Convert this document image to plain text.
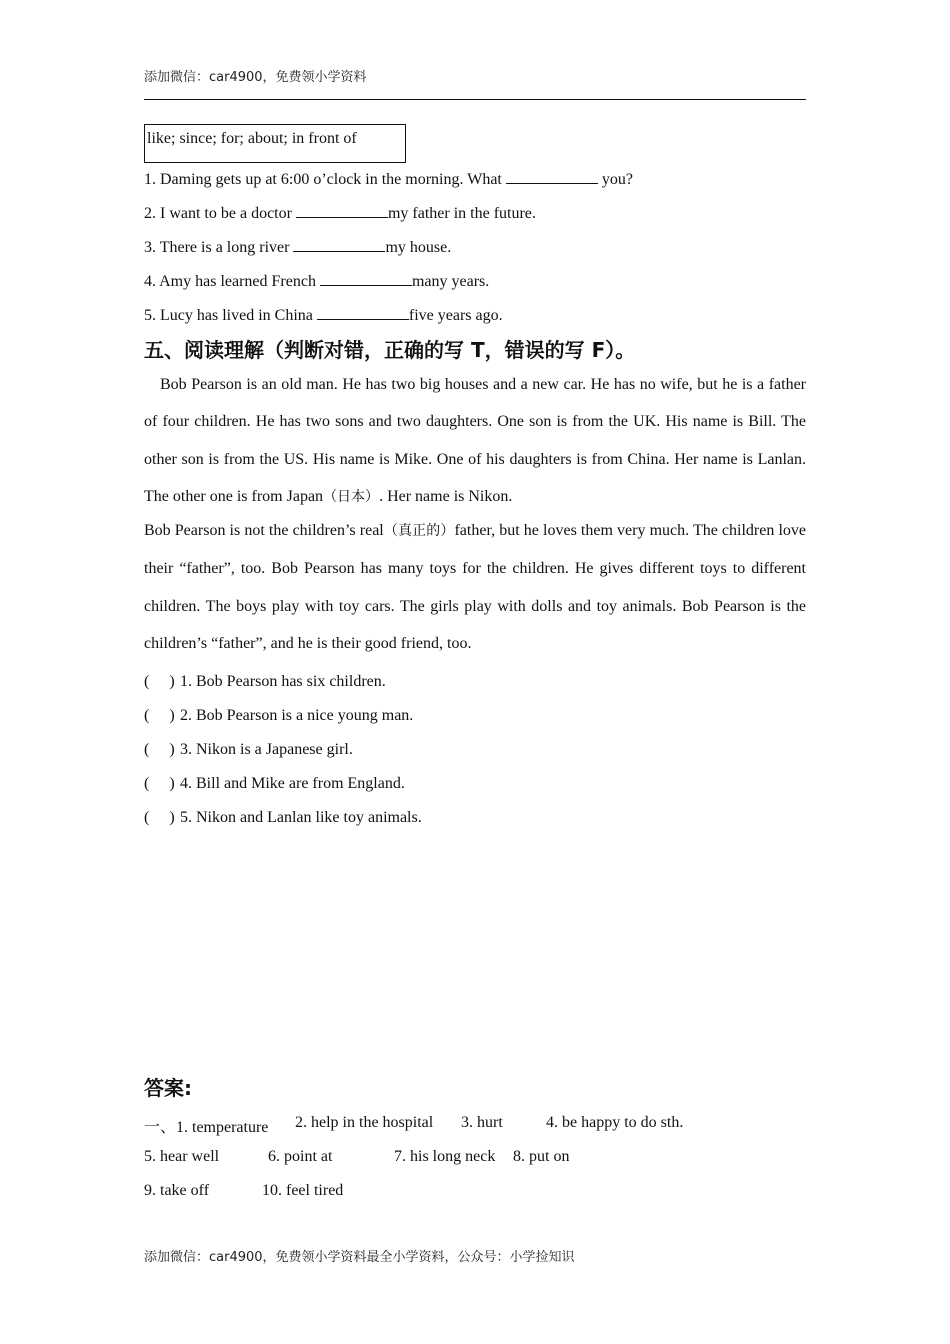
添加微信：car4900，免费领小学资料
like; since; for; about; in front of
1. Daming gets up at 6:00 o’clock in the morning. What	you?
2. I want to be a doctor	my father in the future.
3. There is a long river	my house.
4. Amy has learned French	many years.
5. Lucy has lived in China	five years ago.
五、阅读理解（判断对错，正确的写 T，错误的写 F）。
Bob Pearson is an old man. He has two big houses and a new car. He has no wife, but he is a father of four children. He has two sons and two daughters. One son is from the UK. His name is Bill. The other son is from the US. His name is Mike. One of his daughters is from China. Her name is Lanlan. The other one is from Japan（日本）. Her name is Nikon.
Bob Pearson is not the children’s real（真正的）father, but he loves them very much. The children love their “father”, too. Bob Pearson has many toys for the children. He gives different toys to different children. The boys play with toy cars. The girls play with dolls and toy animals. Bob Pearson is the children’s “father”, and he is their good friend, too.
(　 ) 1. Bob Pearson has six children.
(　 ) 2. Bob Pearson is a nice young man.
(　 ) 3. Nikon is a Japanese girl.
(　 ) 4. Bill and Mike are from England.
(　 ) 5. Nikon and Lanlan like toy animals.
答案:
一、1. temperature 2. help in the hospital 3. hurt	4. be happy to do sth.
5. hear well	6. point at	7. his long neck 8. put on
9. take off	10. feel tired
添加微信：car4900，免费领小学资料最全小学资料，公众号：小学捡知识
